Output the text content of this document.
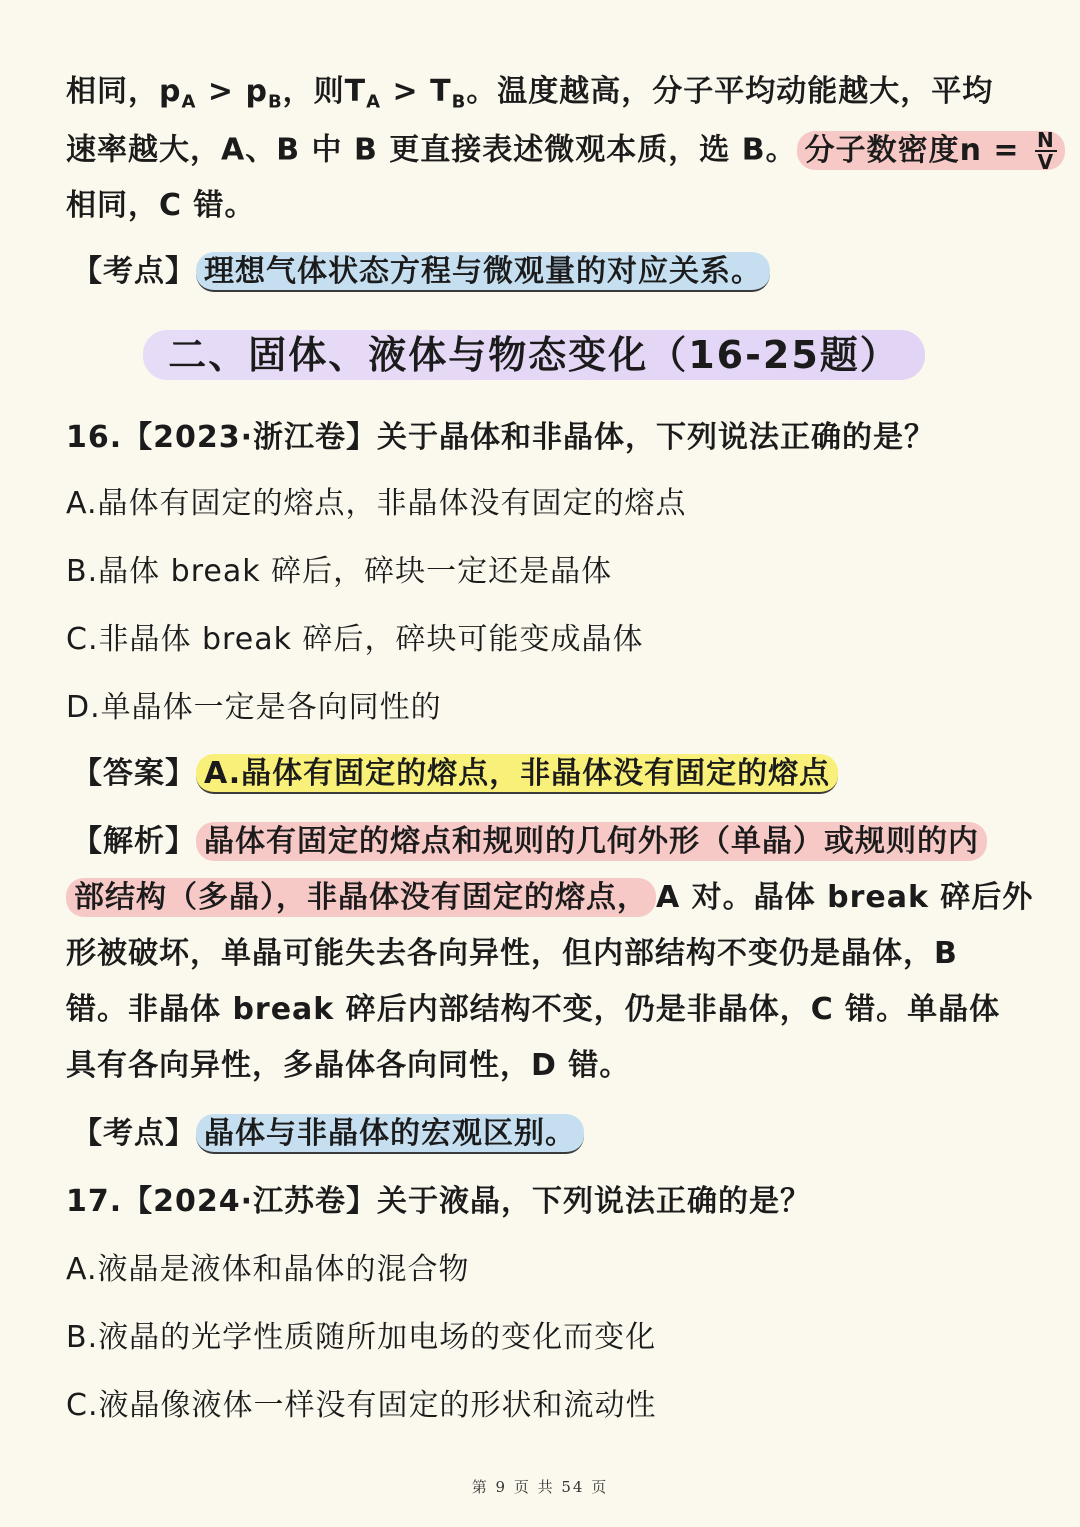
相同，$p_A > p_B$，则$T_A > T_B$。温度越高，分子平均动能越大，平均
速率越大，A、B 中 B 更直接表述微观本质，选 B。 分子数密度$n = \frac{N}{V}$
相同，C 错。
【考点】 理想气体状态方程与微观量的对应关系。
二、固体、液体与物态变化（16-25题）
16.【2023·浙江卷】关于晶体和非晶体，下列说法正确的是？
A.晶体有固定的熔点，非晶体没有固定的熔点
B.晶体 break 碎后，碎块一定还是晶体
C.非晶体 break 碎后，碎块可能变成晶体
D.单晶体一定是各向同性的
【答案】 A.晶体有固定的熔点，非晶体没有固定的熔点
【解析】 晶体有固定的熔点和规则的几何外形（单晶）或规则的内
部结构（多晶），非晶体没有固定的熔点， A 对。晶体 break 碎后外
形被破坏，单晶可能失去各向异性，但内部结构不变仍是晶体，B
错。非晶体 break 碎后内部结构不变，仍是非晶体，C 错。单晶体
具有各向异性，多晶体各向同性，D 错。
【考点】 晶体与非晶体的宏观区别。
17.【2024·江苏卷】关于液晶，下列说法正确的是？
A.液晶是液体和晶体的混合物
B.液晶的光学性质随所加电场的变化而变化
C.液晶像液体一样没有固定的形状和流动性
第 9 页 共 54 页
